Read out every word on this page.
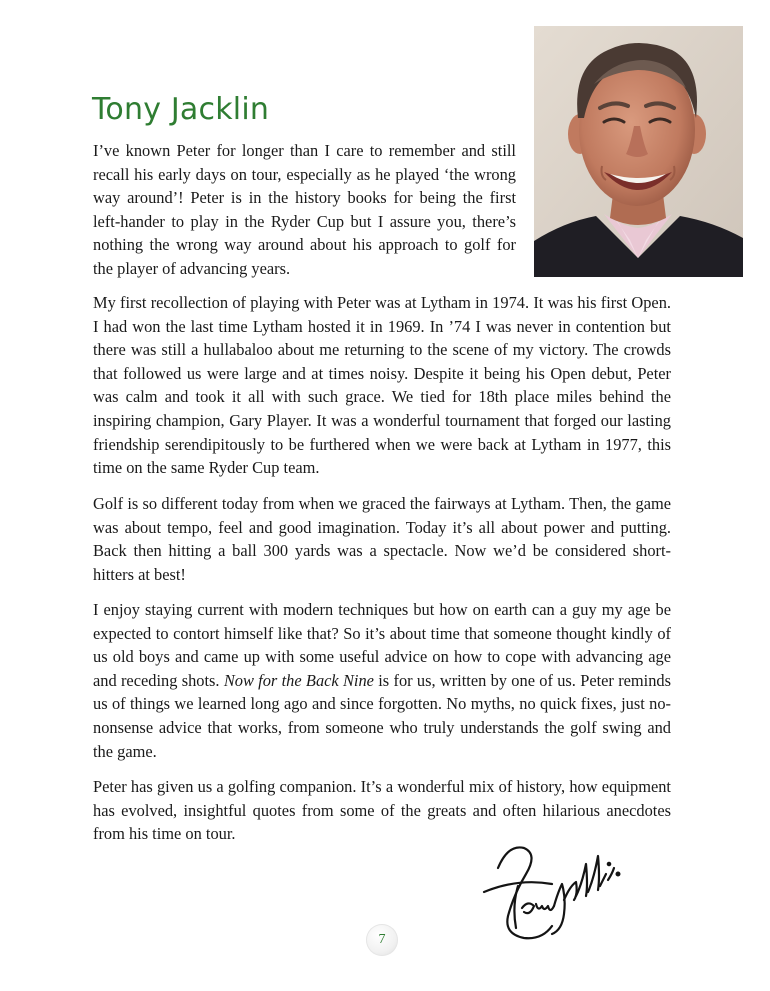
Tony Jacklin

I’ve known Peter for longer than I care to remember and still recall his early days on tour, especially as he played ‘the wrong way around’! Peter is in the history books for being the first left-hander to play in the Ryder Cup but I assure you, there’s nothing the wrong way around about his approach to golf for the player of advancing years.

My first recollection of playing with Peter was at Lytham in 1974. It was his first Open. I had won the last time Lytham hosted it in 1969. In ’74 I was never in contention but there was still a hullabaloo about me returning to the scene of my victory. The crowds that followed us were large and at times noisy. Despite it being his Open debut, Peter was calm and took it all with such grace. We tied for 18th place miles behind the inspiring champion, Gary Player. It was a wonderful tournament that forged our lasting friendship serendipitously to be furthered when we were back at Lytham in 1977, this time on the same Ryder Cup team.

Golf is so different today from when we graced the fairways at Lytham. Then, the game was about tempo, feel and good imagination. Today it’s all about power and putting. Back then hitting a ball 300 yards was a spectacle. Now we’d be considered short-hitters at best!

I enjoy staying current with modern techniques but how on earth can a guy my age be expected to contort himself like that? So it’s about time that someone thought kindly of us old boys and came up with some useful advice on how to cope with advancing age and receding shots. Now for the Back Nine is for us, written by one of us. Peter reminds us of things we learned long ago and since forgotten. No myths, no quick fixes, just no-nonsense advice that works, from someone who truly understands the golf swing and the game.

Peter has given us a golfing companion. It’s a wonderful mix of history, how equipment has evolved, insightful quotes from some of the greats and often hilarious anecdotes from his time on tour.

7
